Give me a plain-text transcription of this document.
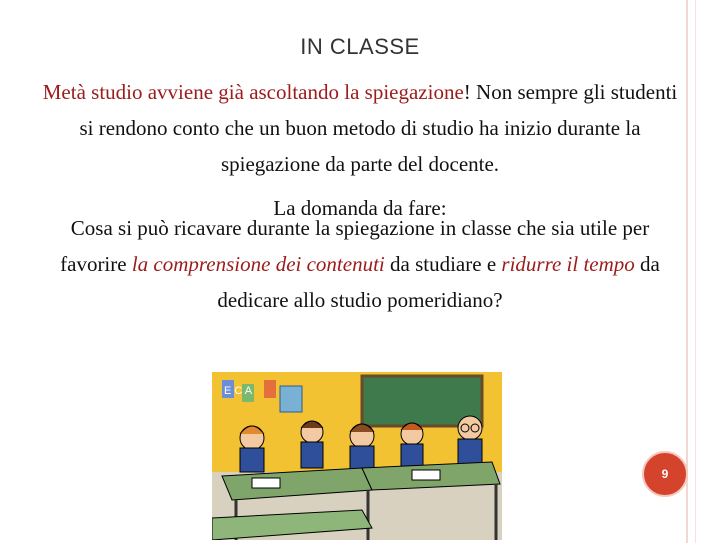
IN CLASSE
Metà studio avviene già ascoltando la spiegazione! Non sempre gli studenti si rendono conto che un buon metodo di studio ha inizio durante la spiegazione da parte del docente.
La domanda da fare:
Cosa si può ricavare durante la spiegazione in classe che sia utile per favorire la comprensione dei contenuti da studiare e ridurre il tempo da dedicare allo studio pomeridiano?
E C A
9
